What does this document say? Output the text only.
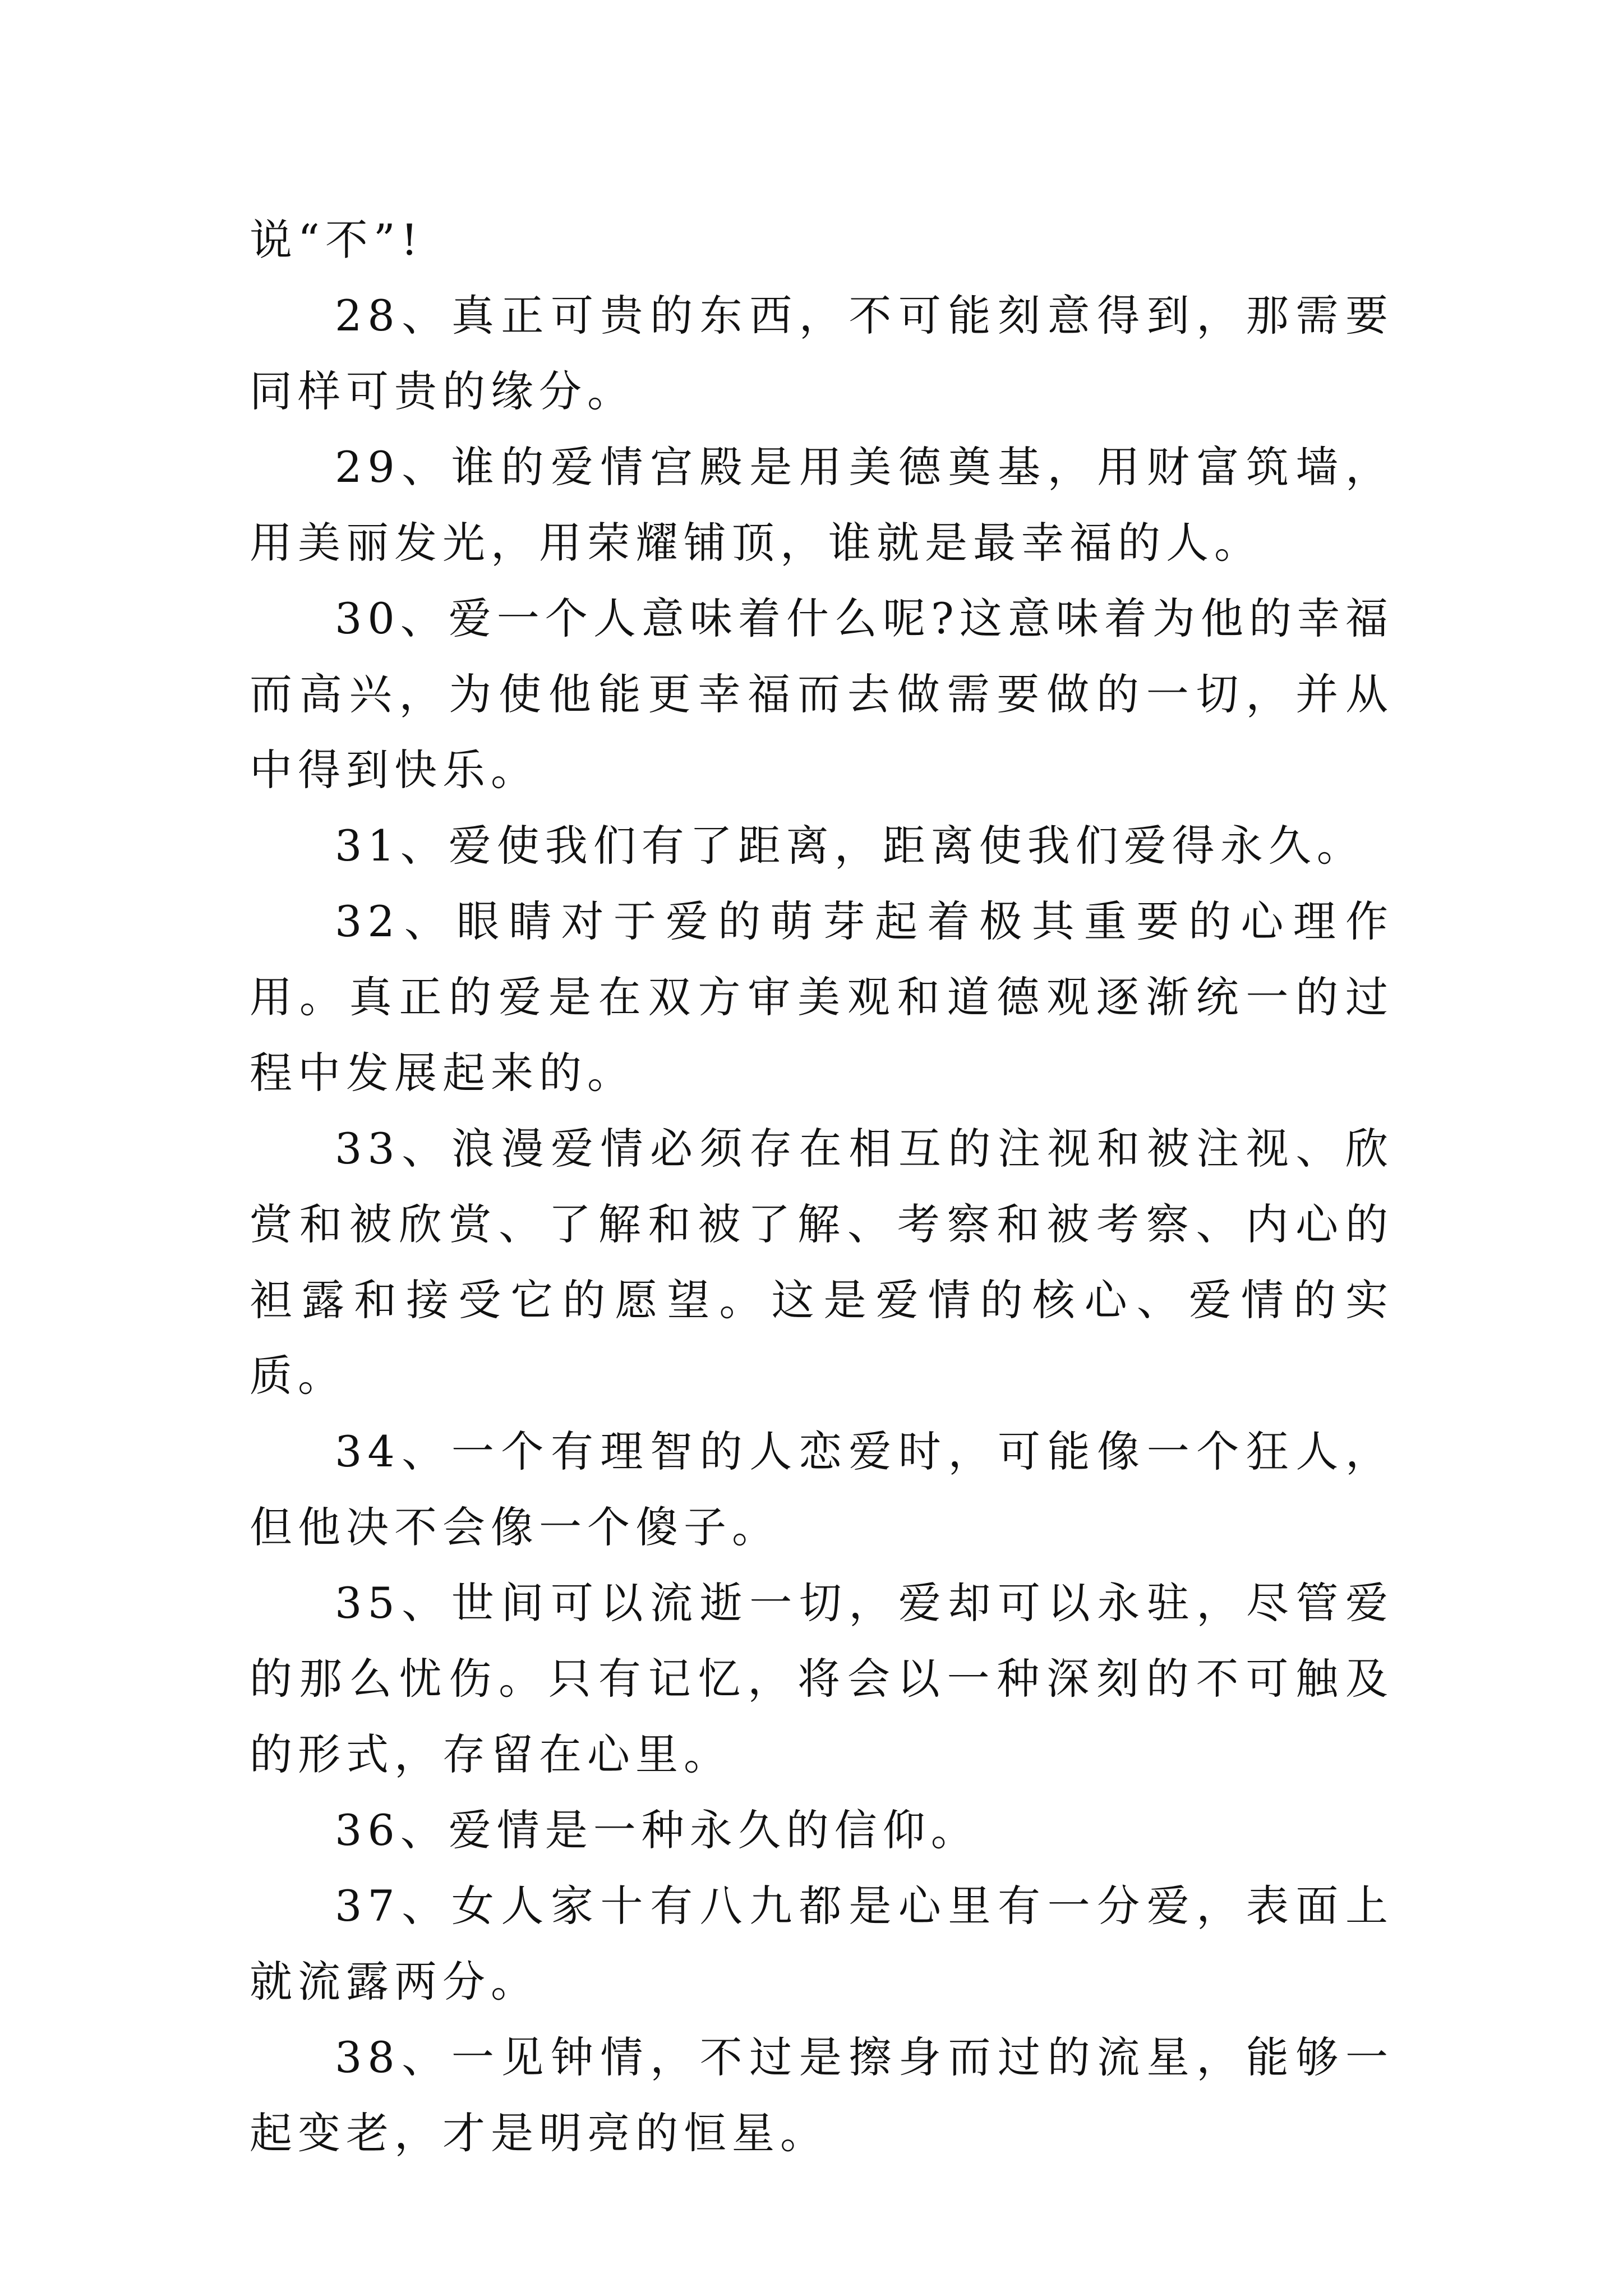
说“不”!

28、真正可贵的东西，不可能刻意得到，那需要同样可贵的缘分。

29、谁的爱情宫殿是用美德奠基，用财富筑墙，用美丽发光，用荣耀铺顶，谁就是最幸福的人。

30、爱一个人意味着什么呢?这意味着为他的幸福而高兴，为使他能更幸福而去做需要做的一切，并从中得到快乐。

31、爱使我们有了距离，距离使我们爱得永久。

32、眼睛对于爱的萌芽起着极其重要的心理作用。真正的爱是在双方审美观和道德观逐渐统一的过程中发展起来的。

33、浪漫爱情必须存在相互的注视和被注视、欣赏和被欣赏、了解和被了解、考察和被考察、内心的袒露和接受它的愿望。这是爱情的核心、爱情的实质。

34、一个有理智的人恋爱时，可能像一个狂人，但他决不会像一个傻子。

35、世间可以流逝一切，爱却可以永驻，尽管爱的那么忧伤。只有记忆，将会以一种深刻的不可触及的形式，存留在心里。

36、爱情是一种永久的信仰。

37、女人家十有八九都是心里有一分爱，表面上就流露两分。

38、一见钟情，不过是擦身而过的流星，能够一起变老，才是明亮的恒星。
